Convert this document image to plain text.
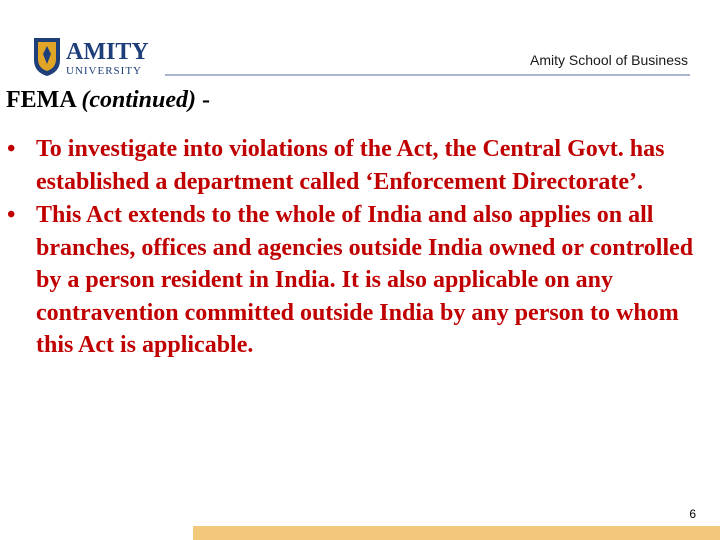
AMITY
UNIVERSITY
Amity School of Business
FEMA (continued) -
• To investigate into violations of the Act, the Central Govt. has established a department called ‘Enforcement Directorate’.
• This Act extends to the whole of India and also applies on all branches, offices and agencies outside India owned or controlled by a person resident in India. It is also applicable on any contravention committed outside India by any person to whom this Act is applicable.
6
